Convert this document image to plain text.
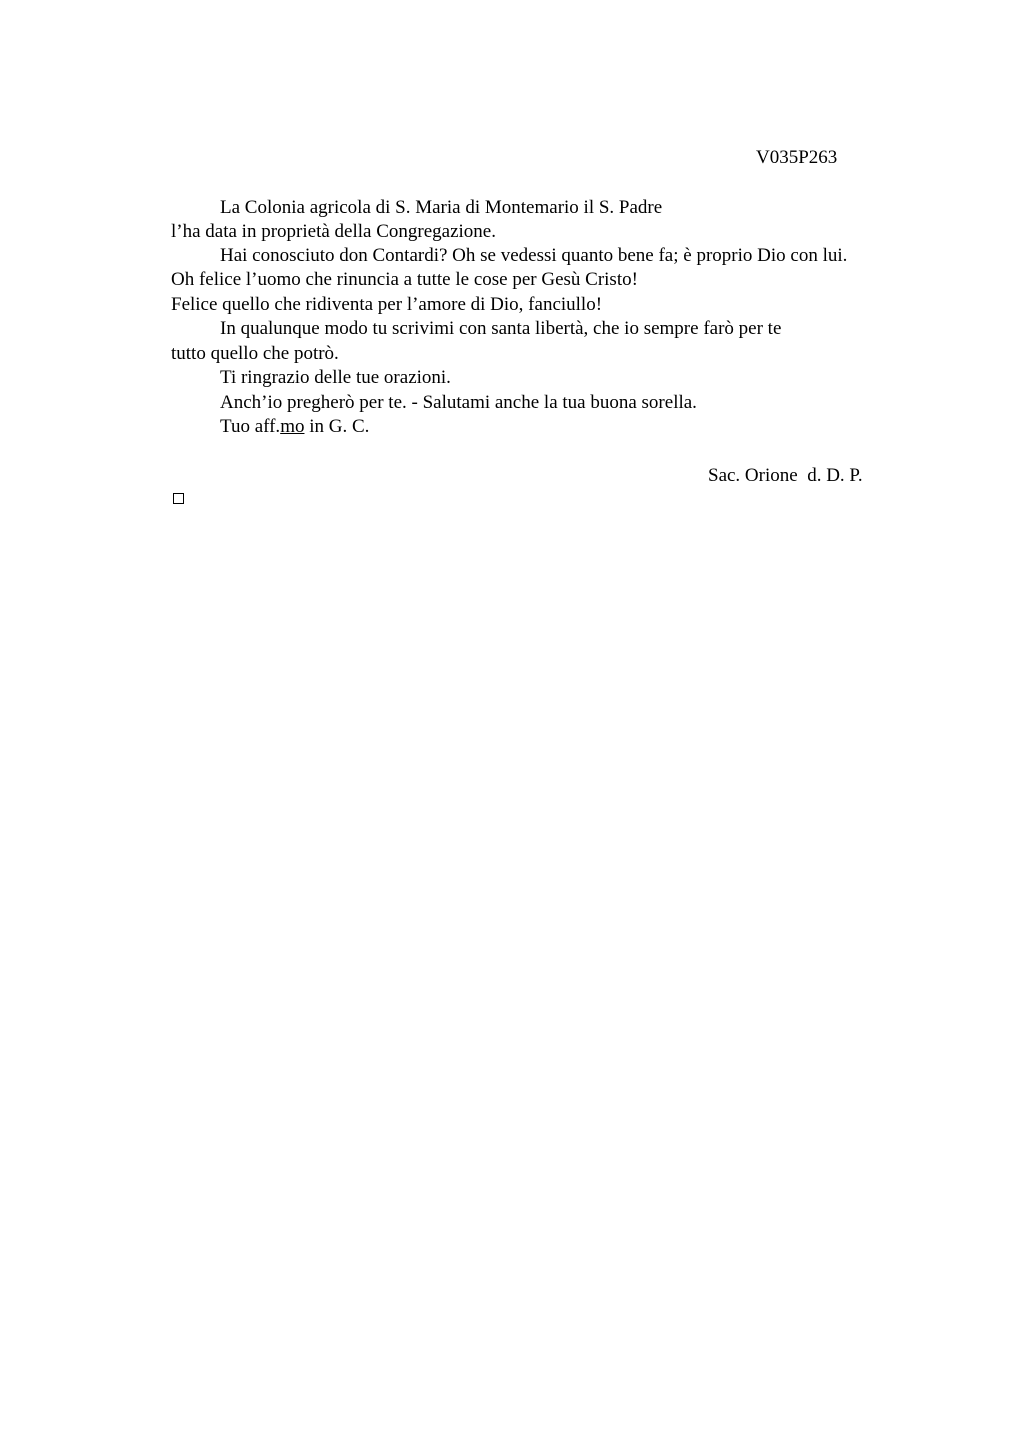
V035P263
La Colonia agricola di S. Maria di Montemario il S. Padre
l’ha data in proprietà della Congregazione.
Hai conosciuto don Contardi? Oh se vedessi quanto bene fa; è proprio Dio con lui.
Oh felice l’uomo che rinuncia a tutte le cose per Gesù Cristo!
Felice quello che ridiventa per l’amore di Dio, fanciullo!
In qualunque modo tu scrivimi con santa libertà, che io sempre farò per te
tutto quello che potrò.
Ti ringrazio delle tue orazioni.
Anch’io pregherò per te. - Salutami anche la tua buona sorella.
Tuo aff.mo in G. C.
Sac. Orione  d. D. P.
